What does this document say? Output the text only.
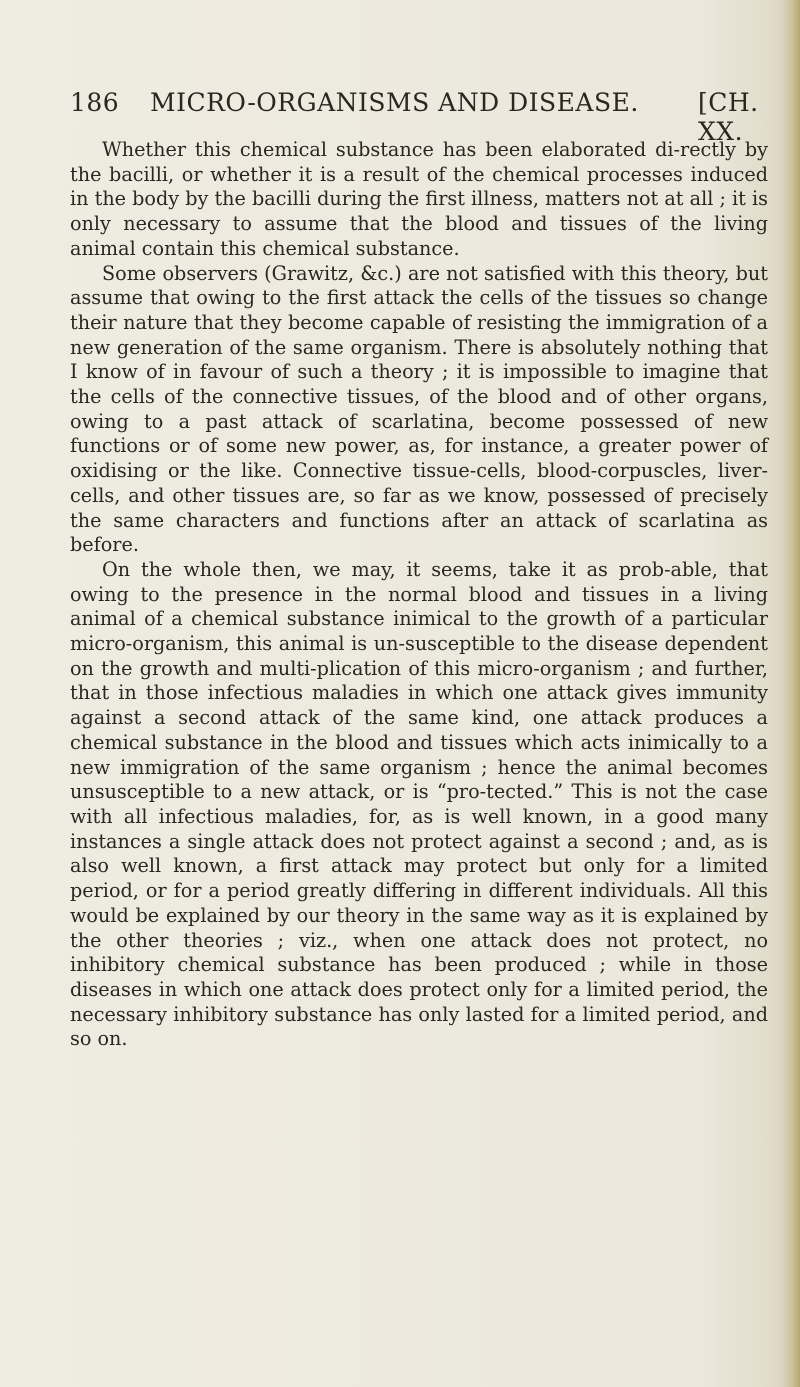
186 MICRO-ORGANISMS AND DISEASE. [CH. XX.

Whether this chemical substance has been elaborated di-rectly by the bacilli, or whether it is a result of the chemical processes induced in the body by the bacilli during the first illness, matters not at all ; it is only necessary to assume that the blood and tissues of the living animal contain this chemical substance.

Some observers (Grawitz, &c.) are not satisfied with this theory, but assume that owing to the first attack the cells of the tissues so change their nature that they become capable of resisting the immigration of a new generation of the same organism. There is absolutely nothing that I know of in favour of such a theory ; it is impossible to imagine that the cells of the connective tissues, of the blood and of other organs, owing to a past attack of scarlatina, become possessed of new functions or of some new power, as, for instance, a greater power of oxidising or the like. Connective tissue-cells, blood-corpuscles, liver-cells, and other tissues are, so far as we know, possessed of precisely the same characters and functions after an attack of scarlatina as before.

On the whole then, we may, it seems, take it as prob-able, that owing to the presence in the normal blood and tissues in a living animal of a chemical substance inimical to the growth of a particular micro-organism, this animal is un-susceptible to the disease dependent on the growth and multi-plication of this micro-organism ; and further, that in those infectious maladies in which one attack gives immunity against a second attack of the same kind, one attack produces a chemical substance in the blood and tissues which acts inimically to a new immigration of the same organism ; hence the animal becomes unsusceptible to a new attack, or is “pro-tected.” This is not the case with all infectious maladies, for, as is well known, in a good many instances a single attack does not protect against a second ; and, as is also well known, a first attack may protect but only for a limited period, or for a period greatly differing in different individuals. All this would be explained by our theory in the same way as it is explained by the other theories ; viz., when one attack does not protect, no inhibitory chemical substance has been produced ; while in those diseases in which one attack does protect only for a limited period, the necessary inhibitory substance has only lasted for a limited period, and so on.
